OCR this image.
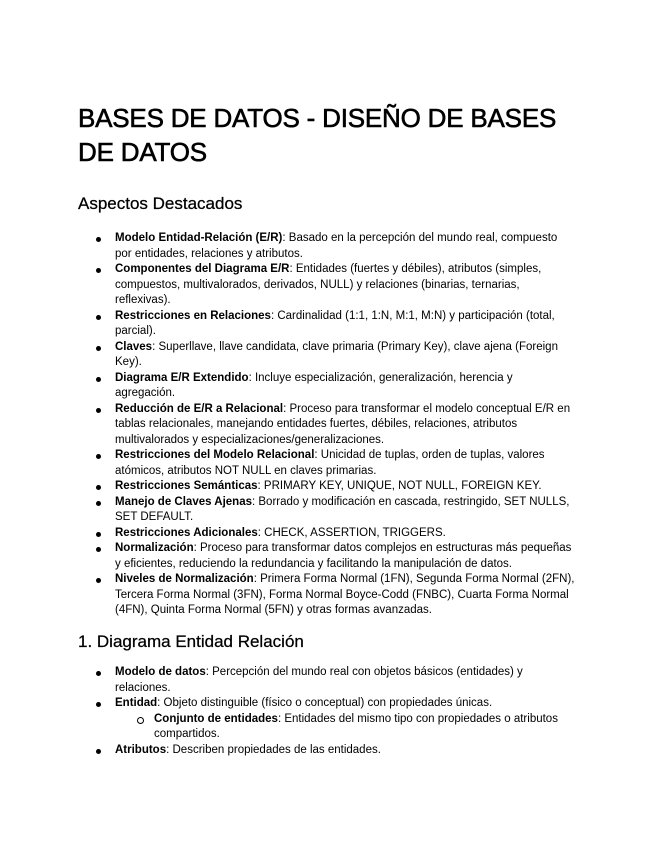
BASES DE DATOS - DISEÑO DE BASES DE DATOS
Aspectos Destacados
Modelo Entidad-Relación (E/R): Basado en la percepción del mundo real, compuesto por entidades, relaciones y atributos.
Componentes del Diagrama E/R: Entidades (fuertes y débiles), atributos (simples, compuestos, multivalorados, derivados, NULL) y relaciones (binarias, ternarias, reflexivas).
Restricciones en Relaciones: Cardinalidad (1:1, 1:N, M:1, M:N) y participación (total, parcial).
Claves: Superllave, llave candidata, clave primaria (Primary Key), clave ajena (Foreign Key).
Diagrama E/R Extendido: Incluye especialización, generalización, herencia y agregación.
Reducción de E/R a Relacional: Proceso para transformar el modelo conceptual E/R en tablas relacionales, manejando entidades fuertes, débiles, relaciones, atributos multivalorados y especializaciones/generalizaciones.
Restricciones del Modelo Relacional: Unicidad de tuplas, orden de tuplas, valores atómicos, atributos NOT NULL en claves primarias.
Restricciones Semánticas: PRIMARY KEY, UNIQUE, NOT NULL, FOREIGN KEY.
Manejo de Claves Ajenas: Borrado y modificación en cascada, restringido, SET NULLS, SET DEFAULT.
Restricciones Adicionales: CHECK, ASSERTION, TRIGGERS.
Normalización: Proceso para transformar datos complejos en estructuras más pequeñas y eficientes, reduciendo la redundancia y facilitando la manipulación de datos.
Niveles de Normalización: Primera Forma Normal (1FN), Segunda Forma Normal (2FN), Tercera Forma Normal (3FN), Forma Normal Boyce-Codd (FNBC), Cuarta Forma Normal (4FN), Quinta Forma Normal (5FN) y otras formas avanzadas.
1. Diagrama Entidad Relación
Modelo de datos: Percepción del mundo real con objetos básicos (entidades) y relaciones.
Entidad: Objeto distinguible (físico o conceptual) con propiedades únicas.
Conjunto de entidades: Entidades del mismo tipo con propiedades o atributos compartidos.
Atributos: Describen propiedades de las entidades.
